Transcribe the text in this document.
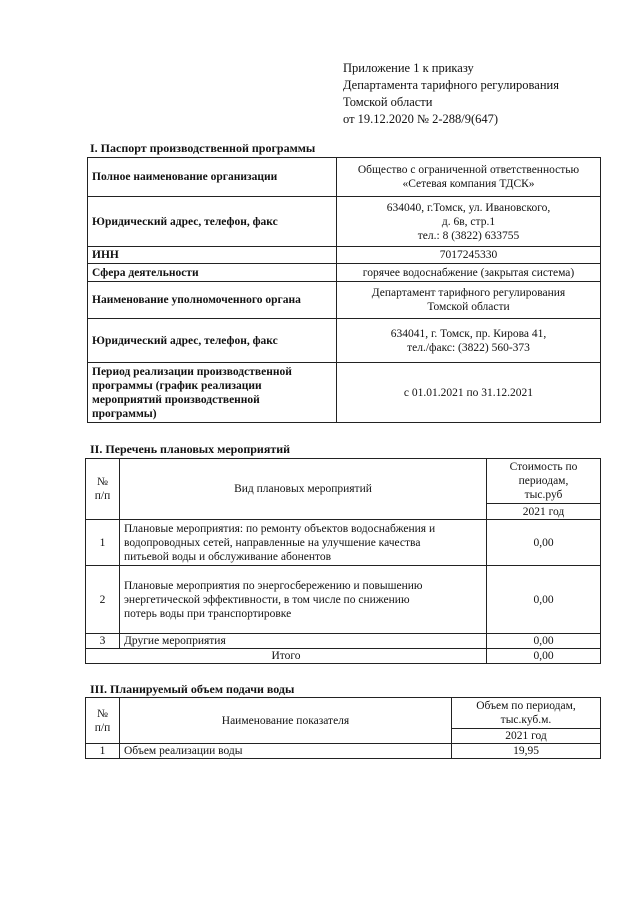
Приложение 1 к приказу
Департамента тарифного регулирования
Томской области
от 19.12.2020 № 2-288/9(647)
I. Паспорт производственной программы
Полное наименование организации	Общество с ограниченной ответственностью
«Сетевая компания ТДСК»
Юридический адрес, телефон, факс	634040, г.Томск, ул. Ивановского,
д. 6в, стр.1
тел.: 8 (3822) 633755
ИНН	7017245330
Сфера деятельности	горячее водоснабжение (закрытая система)
Наименование уполномоченного органа	Департамент тарифного регулирования
Томской области
Юридический адрес, телефон, факс	634041, г. Томск, пр. Кирова 41,
тел./факс: (3822) 560-373
Период реализации производственной
программы (график реализации
мероприятий производственной
программы)	с 01.01.2021 по 31.12.2021
II. Перечень плановых мероприятий
№
п/п	Вид плановых мероприятий	Стоимость по
периодам,
тыс.руб
		2021 год
1	Плановые мероприятия: по ремонту объектов водоснабжения и
водопроводных сетей, направленные на улучшение качества
питьевой воды и обслуживание абонентов	0,00
2	Плановые мероприятия по энергосбережению и повышению
энергетической эффективности, в том числе по снижению
потерь воды при транспортировке	0,00
3	Другие мероприятия	0,00
Итого		0,00
III. Планируемый объем подачи воды
№
п/п	Наименование показателя	Объем по периодам,
тыс.куб.м.
		2021 год
1	Объем реализации воды	19,95
